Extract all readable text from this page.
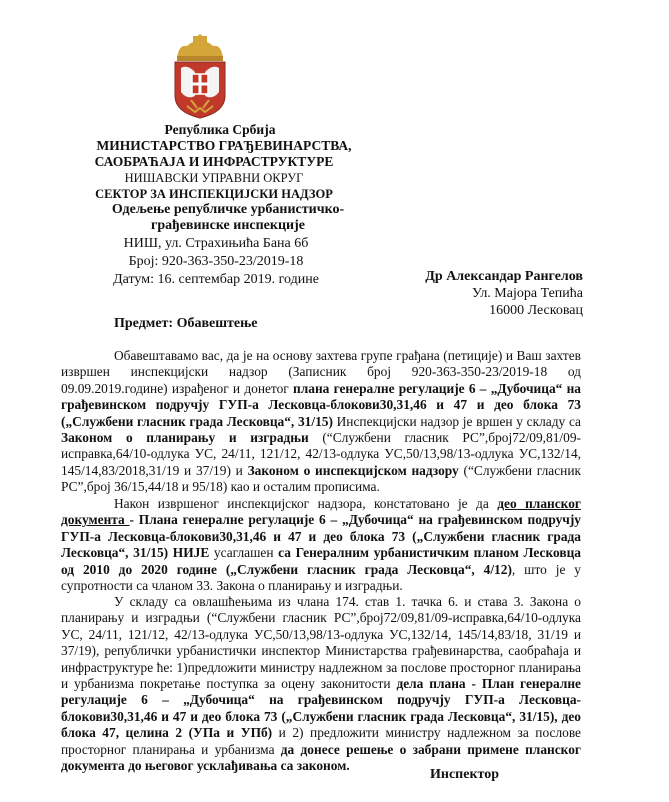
Република Србија
МИНИСТАРСТВО ГРАЂЕВИНАРСТВА,
САОБРАЋАЈА И ИНФРАСТРУКТУРЕ
НИШАВСКИ УПРАВНИ ОКРУГ
СЕКТОР ЗА ИНСПЕКЦИЈСКИ НАДЗОР
Одељење републичке урбанистичко-
грађевинске инспекције
НИШ, ул. Страхињића Бана 6б
Број: 920-363-350-23/2019-18
Датум: 16. септембар 2019. године	Др Александар Рангелов
Ул. Мајора Тепића
16000 Лесковац
Предмет: Обавештење

Обавештавамо вас, да је на основу захтева групе грађана (петиције) и Ваш захтев извршен инспекцијски надзор (Записник број 920-363-350-23/2019-18 од 09.09.2019.године) израђеног и донетог плана генералне регулације 6 – „Дубочица“ на грађевинском подручју ГУП-а Лесковца-блокови30,31,46 и 47 и део блока 73 („Службени гласник града Лесковца“, 31/15) Инспекцијски надзор је вршен у складу са Законом о планирању и изградњи (“Службени гласник РС”,број72/09,81/09-исправка,64/10-одлука УС, 24/11, 121/12, 42/13-одлука УС,50/13,98/13-одлука УС,132/14, 145/14,83/2018,31/19 и 37/19) и Законом о инспекцијском надзору (“Службени гласник РС”,број 36/15,44/18 и 95/18) као и осталим прописима.

Након извршеног инспекцијског надзора, констатовано је да део планског документа - Плана генералне регулације 6 – „Дубочица“ на грађевинском подручју ГУП-а Лесковца-блокови30,31,46 и 47 и део блока 73 („Службени гласник града Лесковца“, 31/15) НИЈЕ усаглашен са Генералним урбанистичким планом Лесковца од 2010 до 2020 године („Службени гласник града Лесковца“, 4/12), што је у супротности са чланом 33. Закона о планирању и изградњи.

У складу са овлашћењима из члана 174. став 1. тачка 6. и става 3. Закона о планирању и изградњи (“Службени гласник РС”,број72/09,81/09-исправка,64/10-одлука УС, 24/11, 121/12, 42/13-одлука УС,50/13,98/13-одлука УС,132/14, 145/14,83/18, 31/19 и 37/19), републички урбанистички инспектор Министарства грађевинарства, саобраћаја и инфраструктуре ће: 1)предложити министру надлежном за послове просторног планирања и урбанизма покретање поступка за оцену законитости дела плана - План генералне регулације 6 – „Дубочица“ на грађевинском подручју ГУП-а Лесковца-блокови30,31,46 и 47 и део блока 73 („Службени гласник града Лесковца“, 31/15), део блока 47, целина 2 (УПа и УПб) и 2) предложити министру надлежном за послове просторног планирања и урбанизма да донесе решење о забрани примене планског документа до његовог усклађивања са законом.

Инспектор
